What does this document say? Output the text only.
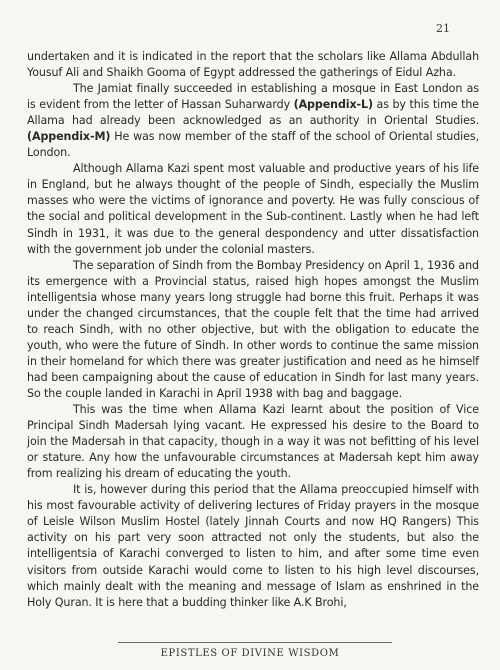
21

undertaken and it is indicated in the report that the scholars like Allama Abdullah Yousuf Ali and Shaikh Gooma of Egypt addressed the gatherings of Eidul Azha.

The Jamiat finally succeeded in establishing a mosque in East London as is evident from the letter of Hassan Suharwardy (Appendix-L) as by this time the Allama had already been acknowledged as an authority in Oriental Studies. (Appendix-M) He was now member of the staff of the school of Oriental studies, London.

Although Allama Kazi spent most valuable and productive years of his life in England, but he always thought of the people of Sindh, especially the Muslim masses who were the victims of ignorance and poverty. He was fully conscious of the social and political development in the Sub-continent. Lastly when he had left Sindh in 1931, it was due to the general despondency and utter dissatisfaction with the government job under the colonial masters.

The separation of Sindh from the Bombay Presidency on April 1, 1936 and its emergence with a Provincial status, raised high hopes amongst the Muslim intelligentsia whose many years long struggle had borne this fruit. Perhaps it was under the changed circumstances, that the couple felt that the time had arrived to reach Sindh, with no other objective, but with the obligation to educate the youth, who were the future of Sindh. In other words to continue the same mission in their homeland for which there was greater justification and need as he himself had been campaigning about the cause of education in Sindh for last many years. So the couple landed in Karachi in April 1938 with bag and baggage.

This was the time when Allama Kazi learnt about the position of Vice Principal Sindh Madersah lying vacant. He expressed his desire to the Board to join the Madersah in that capacity, though in a way it was not befitting of his level or stature. Any how the unfavourable circumstances at Madersah kept him away from realizing his dream of educating the youth.

It is, however during this period that the Allama preoccupied himself with his most favourable activity of delivering lectures of Friday prayers in the mosque of Leisle Wilson Muslim Hostel (lately Jinnah Courts and now HQ Rangers) This activity on his part very soon attracted not only the students, but also the intelligentsia of Karachi converged to listen to him, and after some time even visitors from outside Karachi would come to listen to his high level discourses, which mainly dealt with the meaning and message of Islam as enshrined in the Holy Quran. It is here that a budding thinker like A.K Brohi,

EPISTLES OF DIVINE WISDOM
